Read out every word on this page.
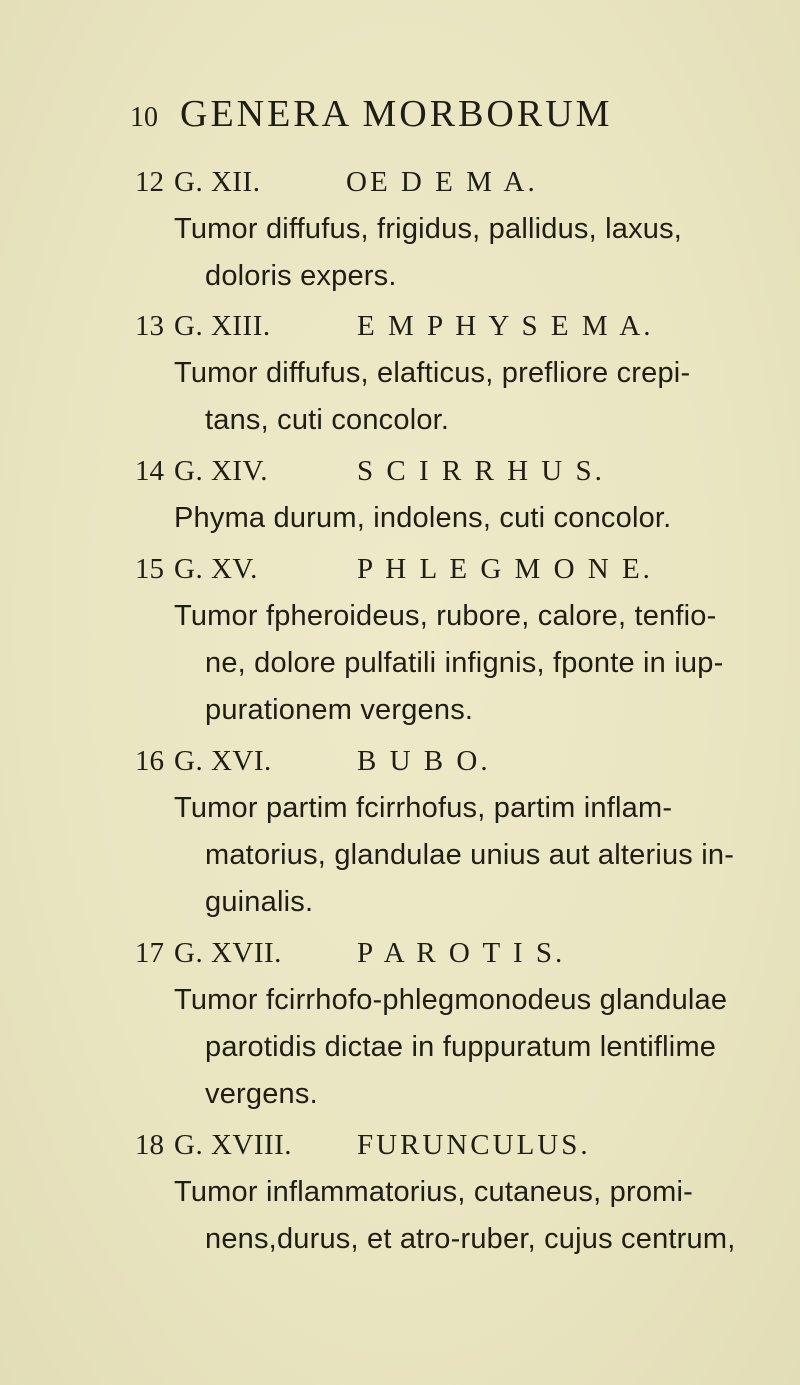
10 GENERA MORBORUM
12 G. XII.	OE D E M A.
Tumor diffufus, frigidus, pallidus, laxus,
doloris expers.
13 G. XIII.	E M P H Y S E M A.
Tumor diffufus, elafticus, prefliore crepi-
tans, cuti concolor.
14 G. XIV.	S C I R R H U S.
Phyma durum, indolens, cuti concolor.
15 G. XV.	P H L E G M O N E.
Tumor fpheroideus, rubore, calore, tenfio-
ne, dolore pulfatili infignis, fponte in iup-
purationem vergens.
16 G. XVI.	B U B O.
Tumor partim fcirrhofus, partim inflam-
matorius, glandulae unius aut alterius in-
guinalis.
17 G. XVII.	P A R O T I S.
Tumor fcirrhofo-phlegmonodeus glandulae
parotidis dictae in fuppuratum lentiflime
vergens.
18 G. XVIII. FURUNCULUS.
Tumor inflammatorius, cutaneus, promi-
nens,durus, et atro-ruber, cujus centrum,
